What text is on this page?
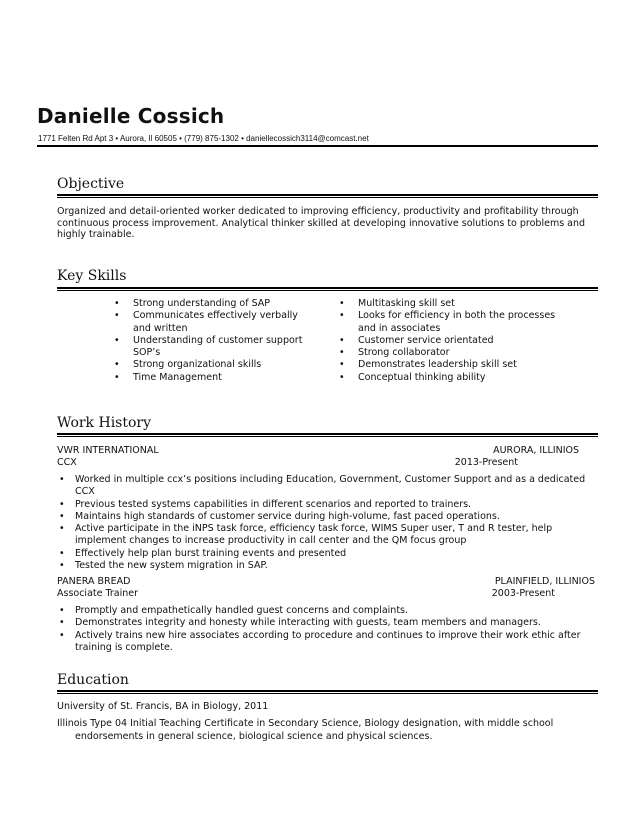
Danielle Cossich
1771 Felten Rd Apt 3 • Aurora, Il 60505 • (779) 875-1302 • daniellecossich3114@comcast.net
Objective
Organized and detail-oriented worker dedicated to improving efficiency, productivity and profitability through continuous process improvement. Analytical thinker skilled at developing innovative solutions to problems and highly trainable.
Key Skills
• Strong understanding of SAP
• Communicates effectively verbally and written
• Understanding of customer support SOP’s
• Strong organizational skills
• Time Management
• Multitasking skill set
• Looks for efficiency in both the processes and in associates
• Customer service orientated
• Strong collaborator
• Demonstrates leadership skill set
• Conceptual thinking ability
Work History
VWR INTERNATIONAL	AURORA, ILLINIOS
CCX	2013-Present
• Worked in multiple ccx’s positions including Education, Government, Customer Support and as a dedicated CCX
• Previous tested systems capabilities in different scenarios and reported to trainers.
• Maintains high standards of customer service during high-volume, fast paced operations.
• Active participate in the iNPS task force, efficiency task force, WIMS Super user, T and R tester, help implement changes to increase productivity in call center and the QM focus group
• Effectively help plan burst training events and presented
• Tested the new system migration in SAP.
PANERA BREAD	PLAINFIELD, ILLINIOS
Associate Trainer	2003-Present
• Promptly and empathetically handled guest concerns and complaints.
• Demonstrates integrity and honesty while interacting with guests, team members and managers.
• Actively trains new hire associates according to procedure and continues to improve their work ethic after training is complete.
Education
University of St. Francis, BA in Biology, 2011
Illinois Type 04 Initial Teaching Certificate in Secondary Science, Biology designation, with middle school endorsements in general science, biological science and physical sciences.
